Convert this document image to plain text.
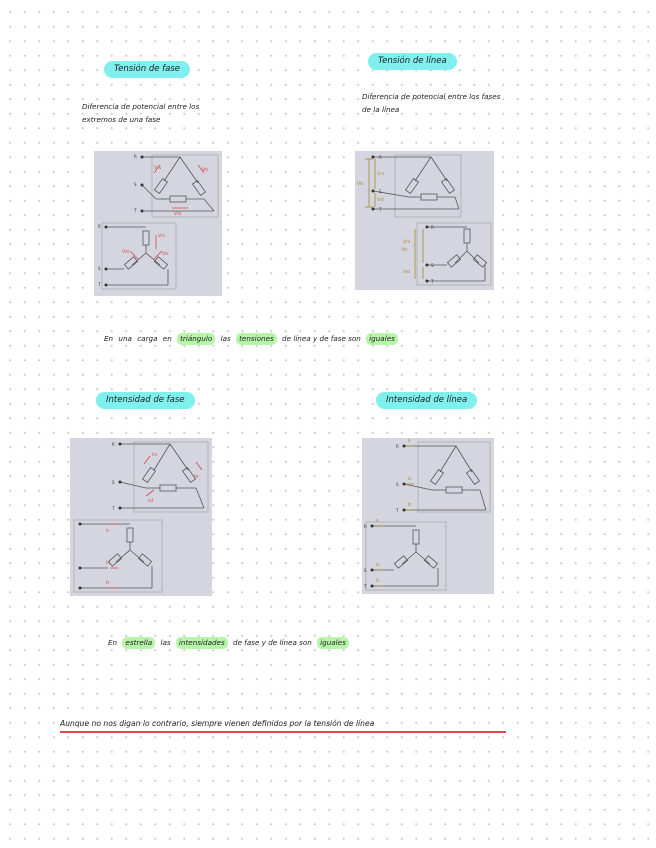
Tensión de fase
Tensión de línea
Diferencia de potencial entre los extremos de una fase
Diferencia de potencial entre los fases de la línea
R
S
T
R
S
T
Vrs	Vtr
Vst
Vrs
Vst	Vtr
R
S
T
R
S
T
Vtr
Vrs
Vst
Vtr
Vrs
Vst
En una carga en triángulo las tensiones de línea y de fase son iguales
Intensidad de fase	Intensidad de línea
R
S
T
Irs
Itr
Ist
Ir
Is
It
R
S
T
R
S
T
Ir
Is
It
Ir
Is
It
En estrella las intensidades de fase y de línea son iguales
Aunque no nos digan lo contrario, siempre vienen definidos por la tensión de línea
